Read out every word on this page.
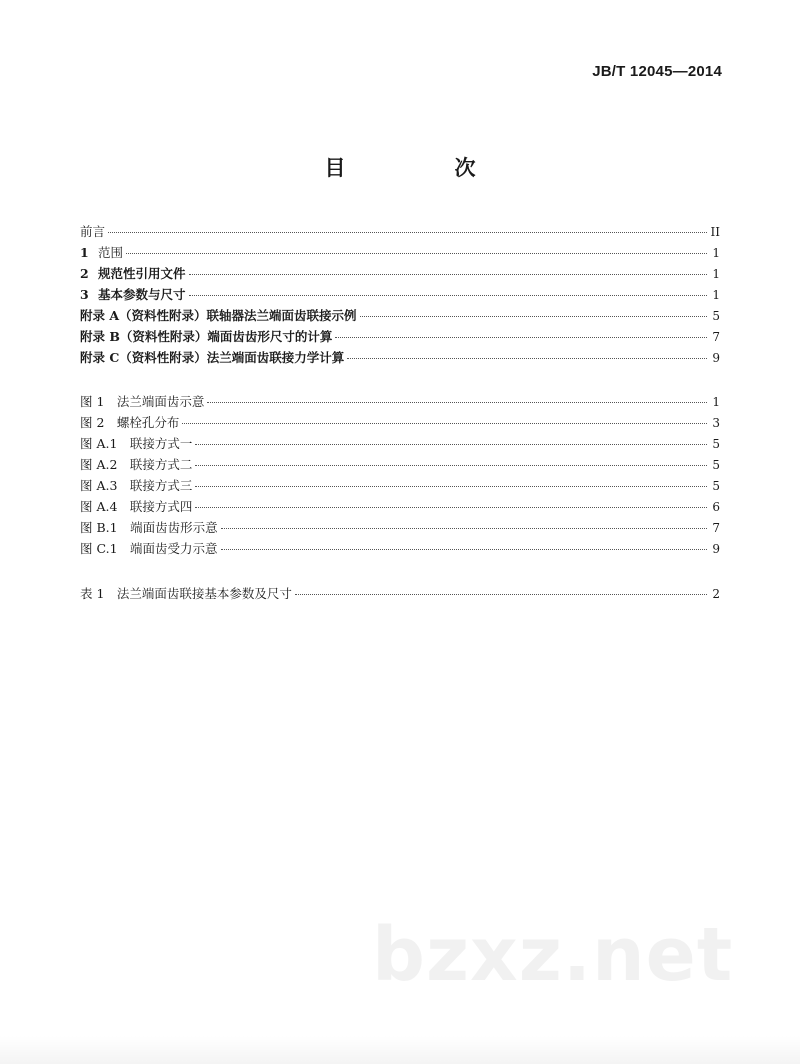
JB/T 12045—2014
目　次
前言	II
1 范围	1
2 规范性引用文件	1
3 基本参数与尺寸	1
附录 A（资料性附录）联轴器法兰端面齿联接示例	5
附录 B（资料性附录）端面齿齿形尺寸的计算	7
附录 C（资料性附录）法兰端面齿联接力学计算	9
图 1　法兰端面齿示意	1
图 2　螺栓孔分布	3
图 A.1　联接方式一	5
图 A.2　联接方式二	5
图 A.3　联接方式三	5
图 A.4　联接方式四	6
图 B.1　端面齿齿形示意	7
图 C.1　端面齿受力示意	9
表 1　法兰端面齿联接基本参数及尺寸	2
bzxz.net
